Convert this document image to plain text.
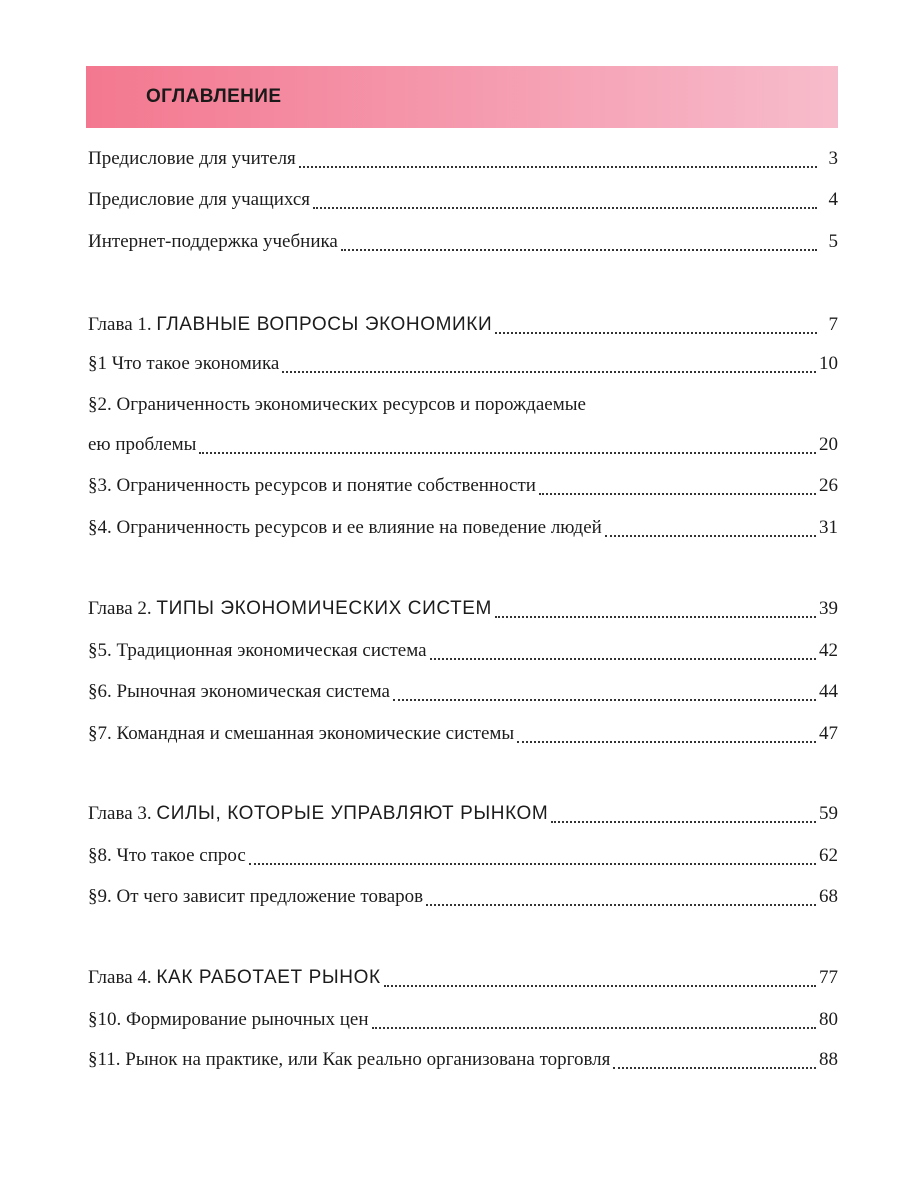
ОГЛАВЛЕНИЕ
Предисловие для учителя	3
Предисловие для учащихся	4
Интернет-поддержка учебника	5
Глава 1. ГЛАВНЫЕ ВОПРОСЫ ЭКОНОМИКИ	7
§1 Что такое экономика	10
§2. Ограниченность экономических ресурсов и порождаемые
ею проблемы	20
§3. Ограниченность ресурсов и понятие собственности	26
§4. Ограниченность ресурсов и ее влияние на поведение людей	31
Глава 2. ТИПЫ ЭКОНОМИЧЕСКИХ СИСТЕМ	39
§5. Традиционная экономическая система	42
§6. Рыночная экономическая система	44
§7. Командная и смешанная экономические системы	47
Глава 3. СИЛЫ, КОТОРЫЕ УПРАВЛЯЮТ РЫНКОМ	59
§8. Что такое спрос	62
§9. От чего зависит предложение товаров	68
Глава 4. КАК РАБОТАЕТ РЫНОК	77
§10. Формирование рыночных цен	80
§11. Рынок на практике, или Как реально организована торговля	88
